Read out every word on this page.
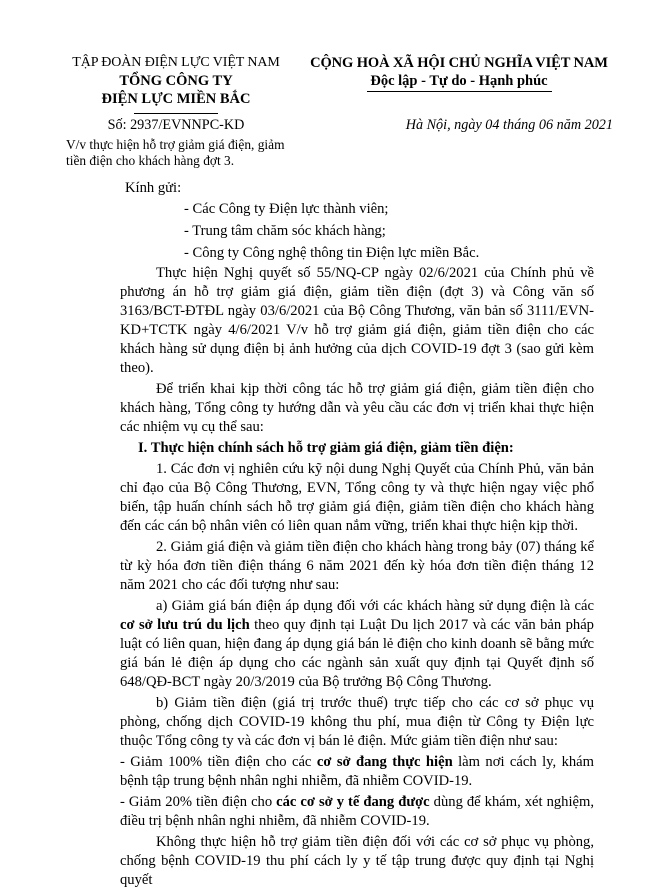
TẬP ĐOÀN ĐIỆN LỰC VIỆT NAM
TỔNG CÔNG TY
ĐIỆN LỰC MIỀN BẮC
CỘNG HOÀ XÃ HỘI CHỦ NGHĨA VIỆT NAM
Độc lập - Tự do - Hạnh phúc
Số: 2937/EVNNPC-KD
V/v thực hiện hỗ trợ giảm giá điện, giảm tiền điện cho khách hàng đợt 3.
Hà Nội, ngày 04 tháng 06 năm 2021
Kính gửi:
- Các Công ty Điện lực thành viên;
- Trung tâm chăm sóc khách hàng;
- Công ty Công nghệ thông tin Điện lực miền Bắc.

Thực hiện Nghị quyết số 55/NQ-CP ngày 02/6/2021 của Chính phủ về phương án hỗ trợ giảm giá điện, giảm tiền điện (đợt 3) và Công văn số 3163/BCT-ĐTĐL ngày 03/6/2021 của Bộ Công Thương, văn bản số 3111/EVN-KD+TCTK ngày 4/6/2021 V/v hỗ trợ giảm giá điện, giảm tiền điện cho các khách hàng sử dụng điện bị ảnh hưởng của dịch COVID-19 đợt 3 (sao gửi kèm theo).

Để triển khai kịp thời công tác hỗ trợ giảm giá điện, giảm tiền điện cho khách hàng, Tổng công ty hướng dẫn và yêu cầu các đơn vị triển khai thực hiện các nhiệm vụ cụ thể sau:

I. Thực hiện chính sách hỗ trợ giảm giá điện, giảm tiền điện:

1. Các đơn vị nghiên cứu kỹ nội dung Nghị Quyết của Chính Phủ, văn bản chỉ đạo của Bộ Công Thương, EVN, Tổng công ty và thực hiện ngay việc phổ biến, tập huấn chính sách hỗ trợ giảm giá điện, giảm tiền điện cho khách hàng đến các cán bộ nhân viên có liên quan nắm vững, triển khai thực hiện kịp thời.

2. Giảm giá điện và giảm tiền điện cho khách hàng trong bảy (07) tháng kể từ kỳ hóa đơn tiền điện tháng 6 năm 2021 đến kỳ hóa đơn tiền điện tháng 12 năm 2021 cho các đối tượng như sau:

a) Giảm giá bán điện áp dụng đối với các khách hàng sử dụng điện là các cơ sở lưu trú du lịch theo quy định tại Luật Du lịch 2017 và các văn bản pháp luật có liên quan, hiện đang áp dụng giá bán lẻ điện cho kinh doanh sẽ bằng mức giá bán lẻ điện áp dụng cho các ngành sản xuất quy định tại Quyết định số 648/QĐ-BCT ngày 20/3/2019 của Bộ trưởng Bộ Công Thương.

b) Giảm tiền điện (giá trị trước thuế) trực tiếp cho các cơ sở phục vụ phòng, chống dịch COVID-19 không thu phí, mua điện từ Công ty Điện lực thuộc Tổng công ty và các đơn vị bán lẻ điện. Mức giảm tiền điện như sau:

- Giảm 100% tiền điện cho các cơ sở đang thực hiện làm nơi cách ly, khám bệnh tập trung bệnh nhân nghi nhiễm, đã nhiễm COVID-19.

- Giảm 20% tiền điện cho các cơ sở y tế đang được dùng để khám, xét nghiệm, điều trị bệnh nhân nghi nhiễm, đã nhiễm COVID-19.

Không thực hiện hỗ trợ giảm tiền điện đối với các cơ sở phục vụ phòng, chống bệnh COVID-19 thu phí cách ly y tế tập trung được quy định tại Nghị quyết
